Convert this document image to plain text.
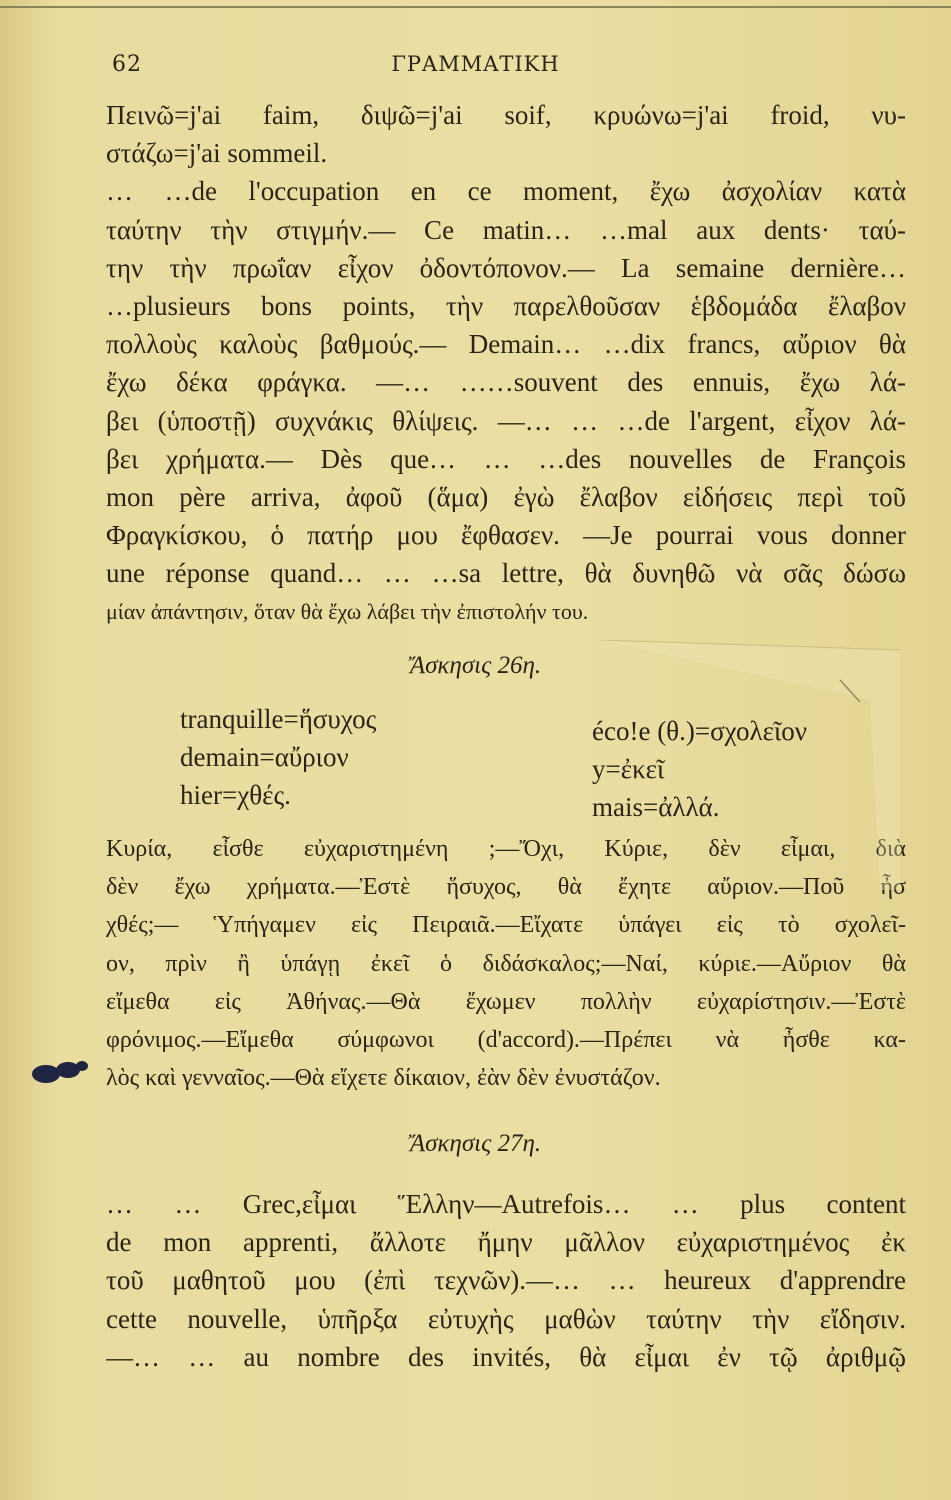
62	ΓΡΑΜΜΑΤΙΚΗ
Πεινῶ=j'ai faim, διψῶ=j'ai soif, κρυώνω=j'ai froid, νυ-
στάζω=j'ai sommeil.
… …de l'occupation en ce moment, ἔχω ἀσχολίαν κατὰ
ταύτην τὴν στιγμήν.— Ce matin… …mal aux dents· ταύ-
την τὴν πρωΐαν εἶχον ὀδοντόπονον.— La semaine dernière…
…plusieurs bons points, τὴν παρελθοῦσαν ἑβδομάδα ἔλαβον
πολλοὺς καλοὺς βαθμούς.— Demain… …dix francs, αὔριον θὰ
ἔχω δέκα φράγκα. —… ……souvent des ennuis, ἔχω λά-
βει (ὑποστῇ) συχνάκις θλίψεις. —… … …de l'argent, εἶχον λά-
βει χρήματα.— Dès que… … …des nouvelles de François
mon père arriva, ἀφοῦ (ἅμα) ἐγὼ ἔλαβον εἰδήσεις περὶ τοῦ
Φραγκίσκου, ὁ πατήρ μου ἔφθασεν. —Je pourrai vous donner
une réponse quand… … …sa lettre, θὰ δυνηθῶ νὰ σᾶς δώσω
μίαν ἀπάντησιν, ὅταν θὰ ἔχω λάβει τὴν ἐπιστολήν του.
Ἄσκησις 26η.
tranquille=ἥσυχος
demain=αὔριον
hier=χθές.
éco!e (θ.)=σχολεῖον
y=ἐκεῖ
mais=ἀλλά.
Κυρία, εἶσθε εὐχαριστημένη ;—Ὄχι, Κύριε, δὲν εἶμαι, διὰ
δὲν ἔχω χρήματα.—Ἐστὲ ἥσυχος, θὰ ἔχητε αὔριον.—Ποῦ ἦσ
χθές;— Ὑπήγαμεν εἰς Πειραιᾶ.—Εἴχατε ὑπάγει εἰς τὸ σχολεῖ-
ον, πρὶν ἢ ὑπάγῃ ἐκεῖ ὁ διδάσκαλος;—Ναί, κύριε.—Αὔριον θὰ
εἴμεθα εἰς Ἀθήνας.—Θὰ ἔχωμεν πολλὴν εὐχαρίστησιν.—Ἐστὲ
φρόνιμος.—Εἴμεθα σύμφωνοι (d'accord).—Πρέπει νὰ ἦσθε κα-
λὸς καὶ γενναῖος.—Θὰ εἴχετε δίκαιον, ἐὰν δὲν ἐνυστάζον.
Ἄσκησις 27η.
… … Grec,εἶμαι Ἕλλην—Autrefois… … plus content
de mon apprenti, ἄλλοτε ἤμην μᾶλλον εὐχαριστημένος ἐκ
τοῦ μαθητοῦ μου (ἐπὶ τεχνῶν).—… … heureux d'apprendre
cette nouvelle, ὑπῆρξα εὐτυχὴς μαθὼν ταύτην τὴν εἴδησιν.
—… … au nombre des invités, θὰ εἶμαι ἐν τῷ ἀριθμῷ
